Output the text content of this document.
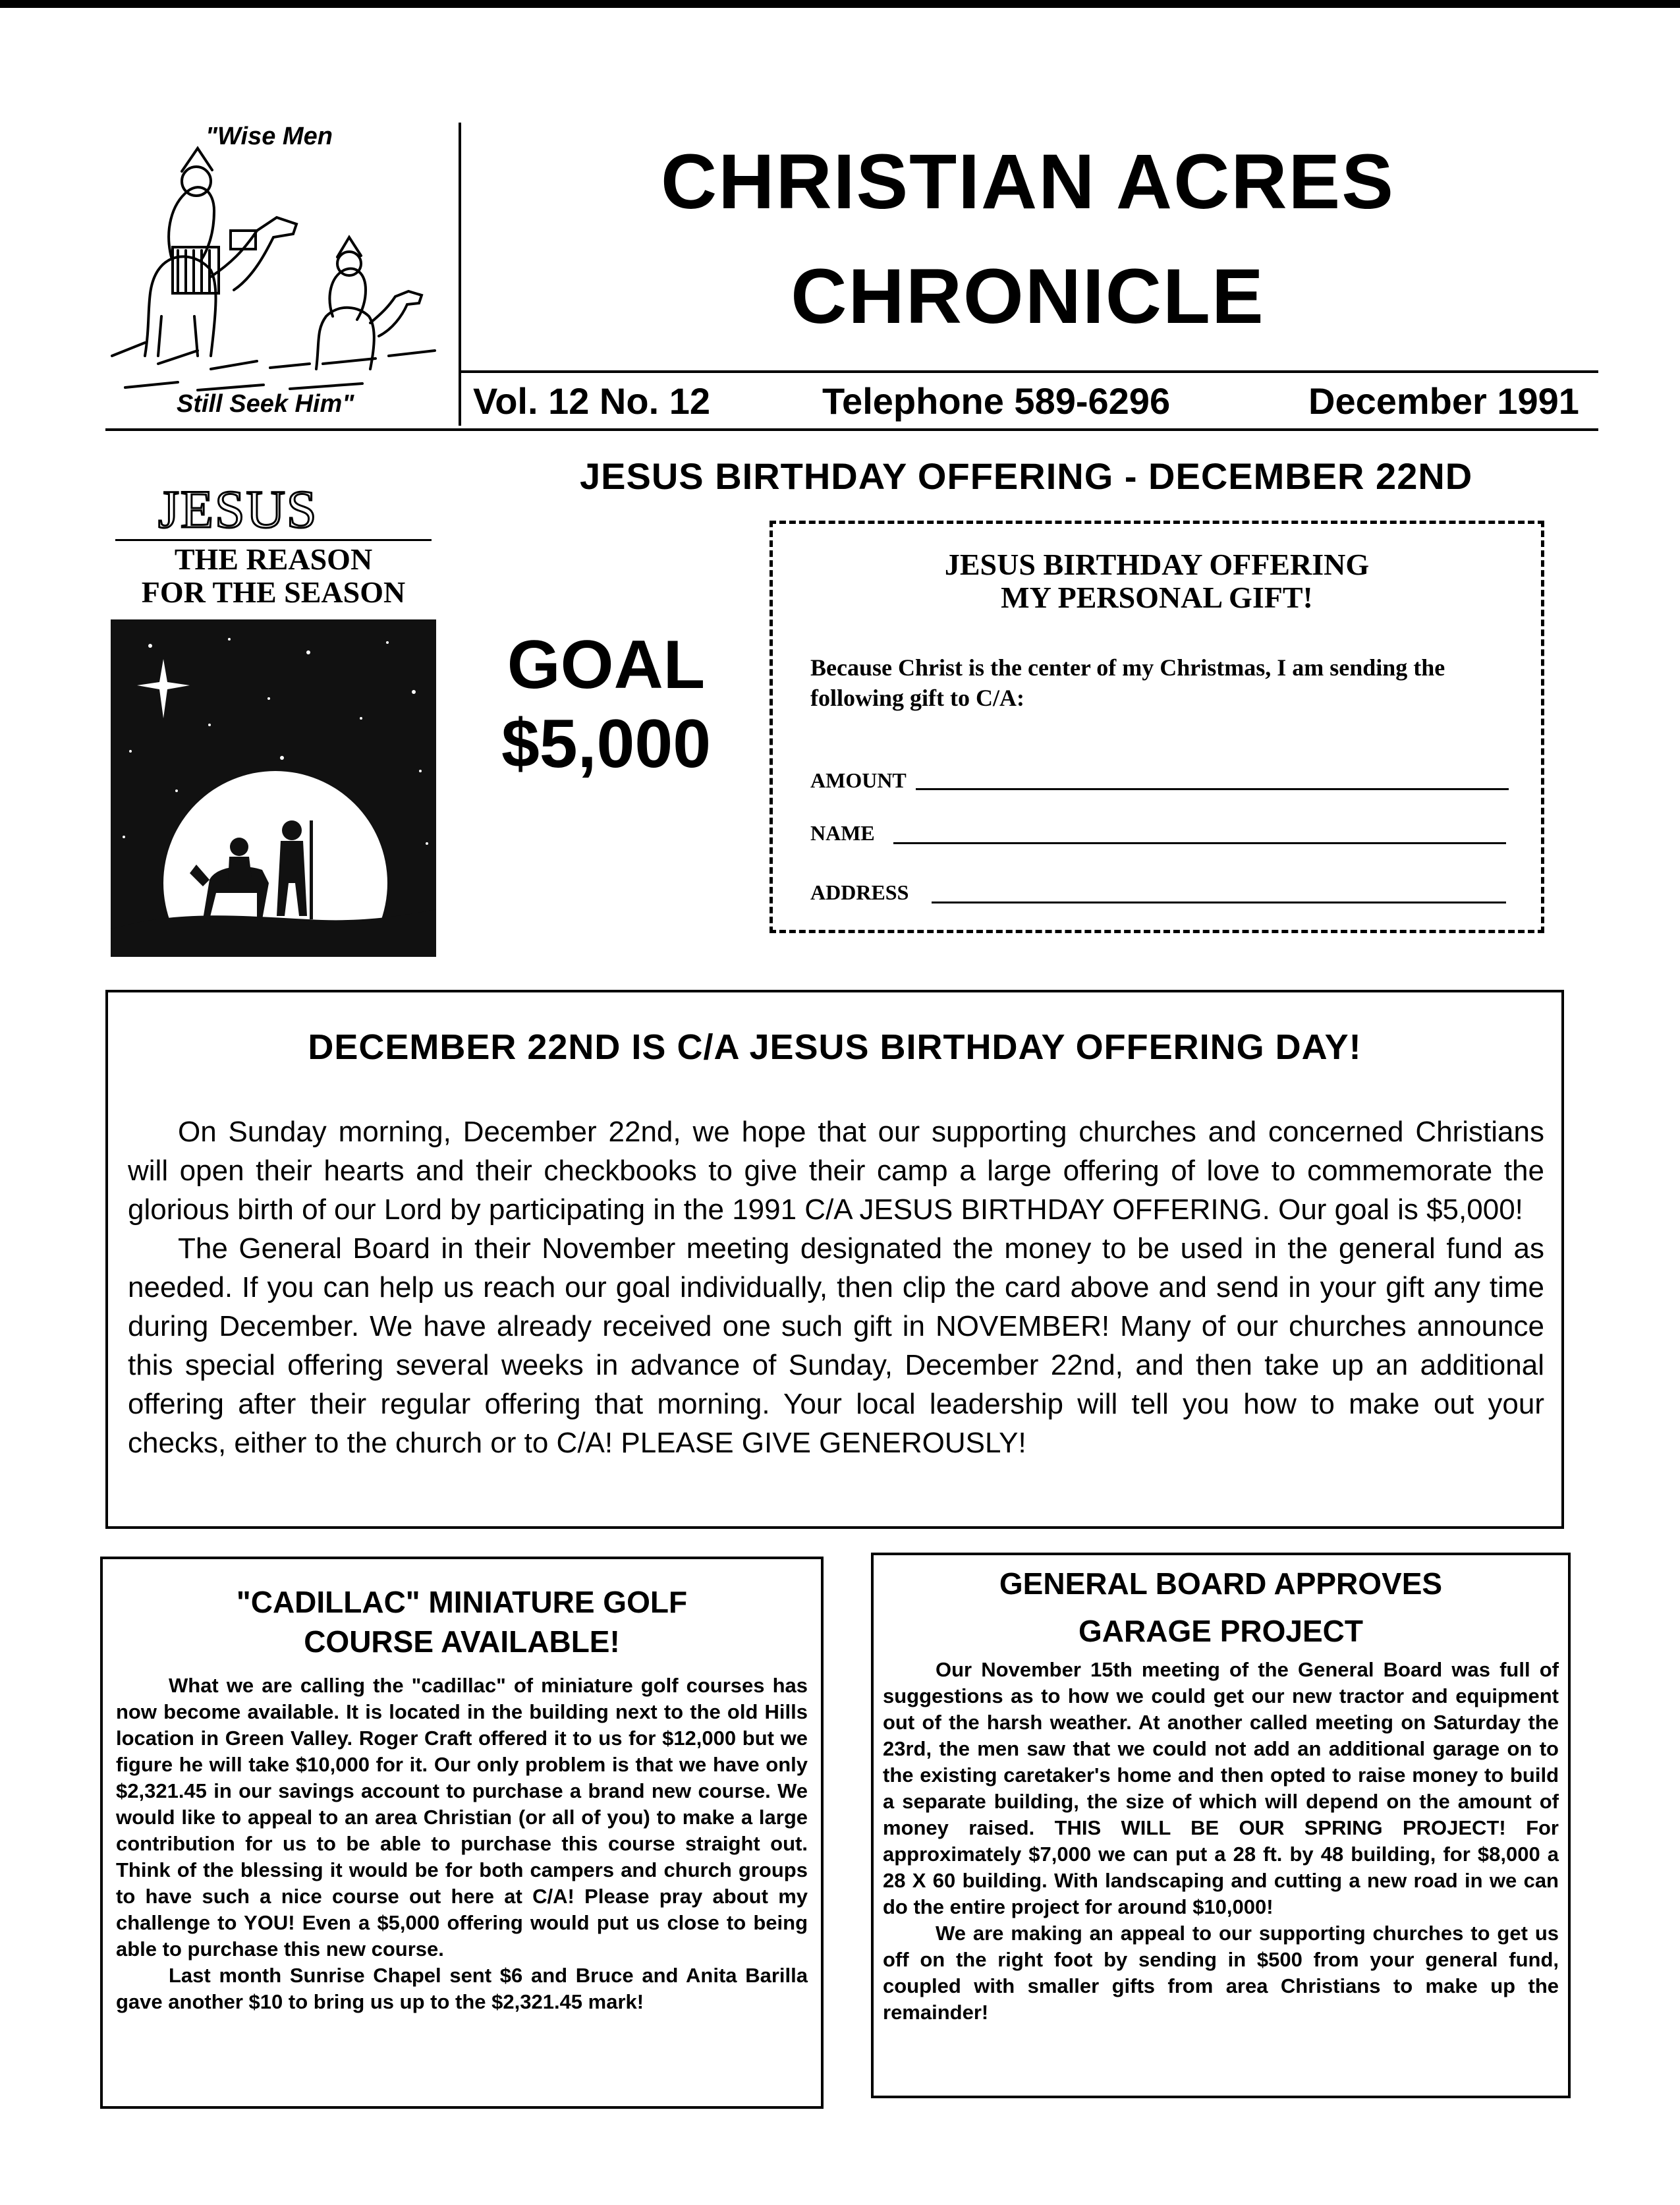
"Wise Men
Still Seek Him"
CHRISTIAN ACRES
CHRONICLE
Vol. 12 No. 12	Telephone 589-6296	December 1991
JESUS BIRTHDAY OFFERING - DECEMBER 22ND
JESUS
THE REASON
FOR THE SEASON
GOAL
$5,000
JESUS BIRTHDAY OFFERING
MY PERSONAL GIFT!
Because Christ is the center of my Christmas, I am sending the following gift to C/A:
AMOUNT
NAME
ADDRESS
DECEMBER 22ND IS C/A JESUS BIRTHDAY OFFERING DAY!

On Sunday morning, December 22nd, we hope that our supporting churches and concerned Christians will open their hearts and their checkbooks to give their camp a large offering of love to commemorate the glorious birth of our Lord by participating in the 1991 C/A JESUS BIRTHDAY OFFERING. Our goal is $5,000!

The General Board in their November meeting designated the money to be used in the general fund as needed. If you can help us reach our goal individually, then clip the card above and send in your gift any time during December. We have already received one such gift in NOVEMBER! Many of our churches announce this special offering several weeks in advance of Sunday, December 22nd, and then take up an additional offering after their regular offering that morning. Your local leadership will tell you how to make out your checks, either to the church or to C/A! PLEASE GIVE GENEROUSLY!

"CADILLAC" MINIATURE GOLF
COURSE AVAILABLE!

What we are calling the "cadillac" of miniature golf courses has now become available. It is located in the building next to the old Hills location in Green Valley. Roger Craft offered it to us for $12,000 but we figure he will take $10,000 for it. Our only problem is that we have only $2,321.45 in our savings account to purchase a brand new course. We would like to appeal to an area Christian (or all of you) to make a large contribution for us to be able to purchase this course straight out. Think of the blessing it would be for both campers and church groups to have such a nice course out here at C/A! Please pray about my challenge to YOU! Even a $5,000 offering would put us close to being able to purchase this new course.

Last month Sunrise Chapel sent $6 and Bruce and Anita Barilla gave another $10 to bring us up to the $2,321.45 mark!

GENERAL BOARD APPROVES
GARAGE PROJECT

Our November 15th meeting of the General Board was full of suggestions as to how we could get our new tractor and equipment out of the harsh weather. At another called meeting on Saturday the 23rd, the men saw that we could not add an additional garage on to the existing caretaker's home and then opted to raise money to build a separate building, the size of which will depend on the amount of money raised. THIS WILL BE OUR SPRING PROJECT! For approximately $7,000 we can put a 28 ft. by 48 building, for $8,000 a 28 X 60 building. With landscaping and cutting a new road in we can do the entire project for around $10,000!

We are making an appeal to our supporting churches to get us off on the right foot by sending in $500 from your general fund, coupled with smaller gifts from area Christians to make up the remainder!
